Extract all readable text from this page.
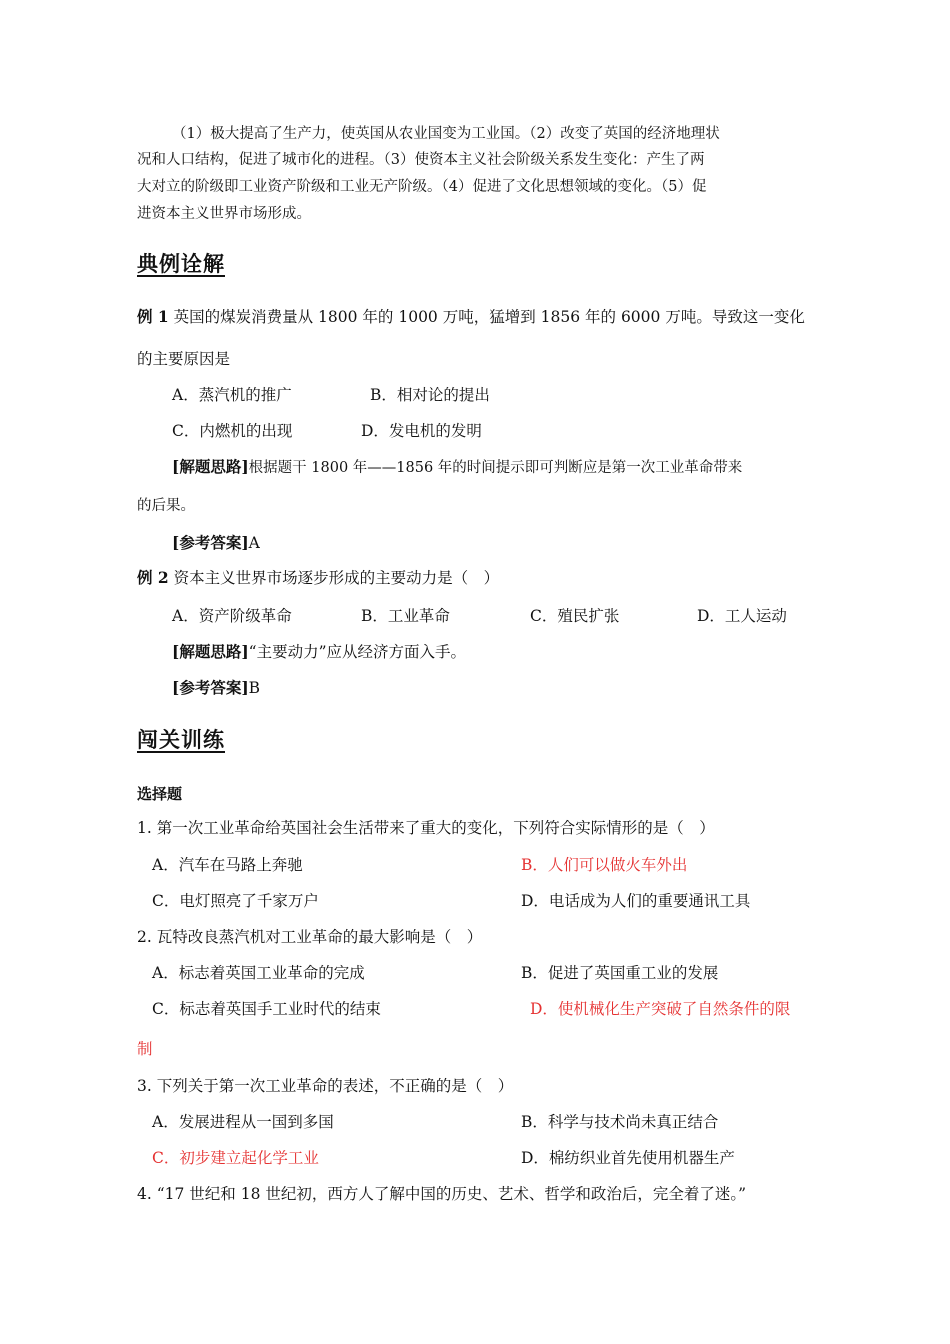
（1）极大提高了生产力，使英国从农业国变为工业国。（2）改变了英国的经济地理状
况和人口结构，促进了城市化的进程。（3）使资本主义社会阶级关系发生变化：产生了两
大对立的阶级即工业资产阶级和工业无产阶级。（4）促进了文化思想领域的变化。（5）促
进资本主义世界市场形成。
典例诠解
例 1 英国的煤炭消费量从 1800 年的 1000 万吨，猛增到 1856 年的 6000 万吨。导致这一变化
的主要原因是
A．蒸汽机的推广	B．相对论的提出
C．内燃机的出现	D．发电机的发明
[解题思路]根据题干 1800 年——1856 年的时间提示即可判断应是第一次工业革命带来
的后果。
[参考答案]A
例 2 资本主义世界市场逐步形成的主要动力是（　）
A．资产阶级革命	B．工业革命	C．殖民扩张	D．工人运动
[解题思路]“主要动力”应从经济方面入手。
[参考答案]B
闯关训练
选择题
1. 第一次工业革命给英国社会生活带来了重大的变化，下列符合实际情形的是（　）
A．汽车在马路上奔驰	B．人们可以做火车外出
C．电灯照亮了千家万户	D．电话成为人们的重要通讯工具
2. 瓦特改良蒸汽机对工业革命的最大影响是（　）
A．标志着英国工业革命的完成	B．促进了英国重工业的发展
C．标志着英国手工业时代的结束	D．使机械化生产突破了自然条件的限
制
3. 下列关于第一次工业革命的表述，不正确的是（　）
A．发展进程从一国到多国	B．科学与技术尚未真正结合
C．初步建立起化学工业	D．棉纺织业首先使用机器生产
4. “17 世纪和 18 世纪初，西方人了解中国的历史、艺术、哲学和政治后，完全着了迷。”
